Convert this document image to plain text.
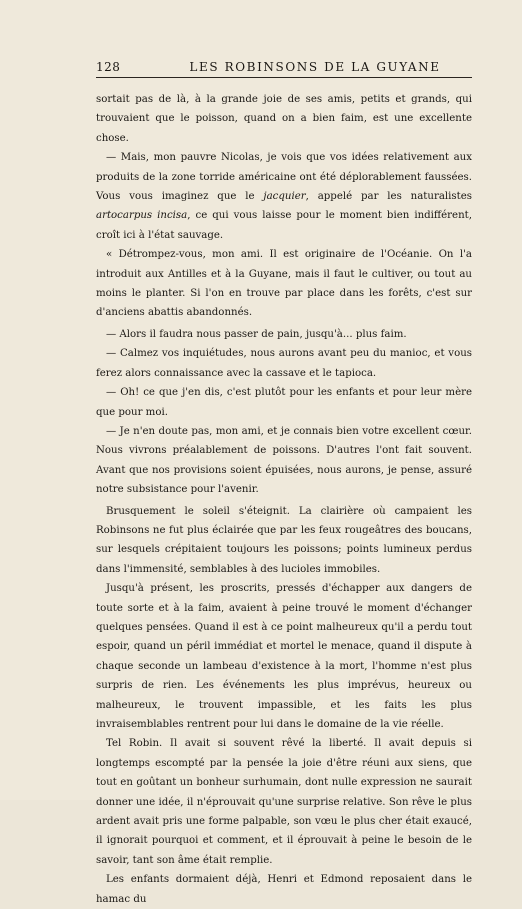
128	LES ROBINSONS DE LA GUYANE

sortait pas de là, à la grande joie de ses amis, petits et grands, qui trouvaient que le poisson, quand on a bien faim, est une excellente chose.

— Mais, mon pauvre Nicolas, je vois que vos idées relativement aux produits de la zone torride américaine ont été déplorablement faussées. Vous vous imaginez que le jacquier, appelé par les naturalistes artocarpus incisa, ce qui vous laisse pour le moment bien indifférent, croît ici à l'état sauvage.

« Détrompez-vous, mon ami. Il est originaire de l'Océanie. On l'a introduit aux Antilles et à la Guyane, mais il faut le cultiver, ou tout au moins le planter. Si l'on en trouve par place dans les forêts, c'est sur d'anciens abattis abandonnés.

— Alors il faudra nous passer de pain, jusqu'à... plus faim.

— Calmez vos inquiétudes, nous aurons avant peu du manioc, et vous ferez alors connaissance avec la cassave et le tapioca.

— Oh! ce que j'en dis, c'est plutôt pour les enfants et pour leur mère que pour moi.

— Je n'en doute pas, mon ami, et je connais bien votre excellent cœur. Nous vivrons préalablement de poissons. D'autres l'ont fait souvent. Avant que nos provisions soient épuisées, nous aurons, je pense, assuré notre subsistance pour l'avenir.

Brusquement le soleil s'éteignit. La clairière où campaient les Robinsons ne fut plus éclairée que par les feux rougeâtres des boucans, sur lesquels crépitaient toujours les poissons; points lumineux perdus dans l'immensité, semblables à des lucioles immobiles.

Jusqu'à présent, les proscrits, pressés d'échapper aux dangers de toute sorte et à la faim, avaient à peine trouvé le moment d'échanger quelques pensées. Quand il est à ce point malheureux qu'il a perdu tout espoir, quand un péril immédiat et mortel le menace, quand il dispute à chaque seconde un lambeau d'existence à la mort, l'homme n'est plus surpris de rien. Les événements les plus imprévus, heureux ou malheureux, le trouvent impassible, et les faits les plus invraisemblables rentrent pour lui dans le domaine de la vie réelle.

Tel Robin. Il avait si souvent rêvé la liberté. Il avait depuis si longtemps escompté par la pensée la joie d'être réuni aux siens, que tout en goûtant un bonheur surhumain, dont nulle expression ne saurait donner une idée, il n'éprouvait qu'une surprise relative. Son rêve le plus ardent avait pris une forme palpable, son vœu le plus cher était exaucé, il ignorait pourquoi et comment, et il éprouvait à peine le besoin de le savoir, tant son âme était remplie.

Les enfants dormaient déjà, Henri et Edmond reposaient dans le hamac du
